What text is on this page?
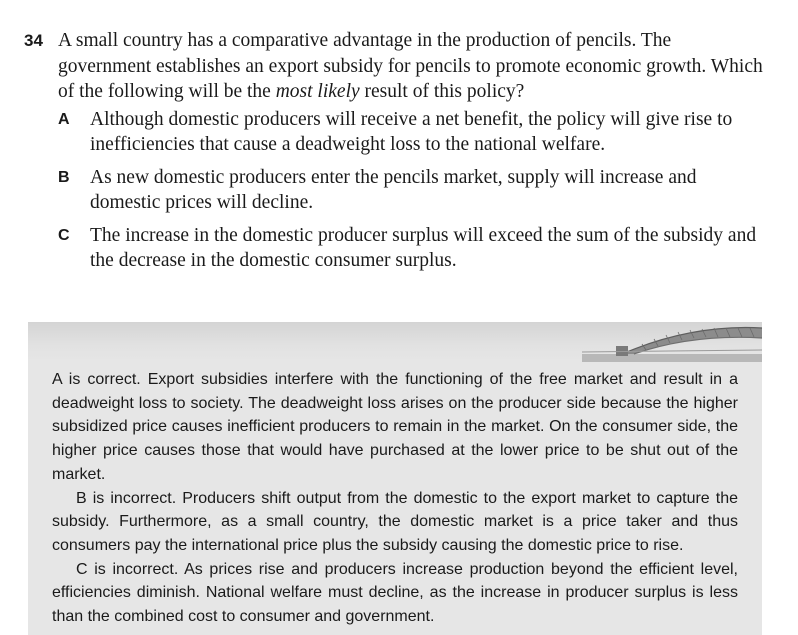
34 A small country has a comparative advantage in the production of pencils. The government establishes an export subsidy for pencils to promote economic growth. Which of the following will be the most likely result of this policy?
A	Although domestic producers will receive a net benefit, the policy will give rise to inefficiencies that cause a deadweight loss to the national welfare.
B	As new domestic producers enter the pencils market, supply will increase and domestic prices will decline.
C	The increase in the domestic producer surplus will exceed the sum of the subsidy and the decrease in the domestic consumer surplus.

A is correct. Export subsidies interfere with the functioning of the free market and result in a deadweight loss to society. The deadweight loss arises on the producer side because the higher subsidized price causes inefficient producers to remain in the market. On the consumer side, the higher price causes those that would have purchased at the lower price to be shut out of the market.

B is incorrect. Producers shift output from the domestic to the export market to capture the subsidy. Furthermore, as a small country, the domestic market is a price taker and thus consumers pay the international price plus the subsidy causing the domestic price to rise.

C is incorrect. As prices rise and producers increase production beyond the efficient level, efficiencies diminish. National welfare must decline, as the increase in producer surplus is less than the combined cost to consumer and government.
